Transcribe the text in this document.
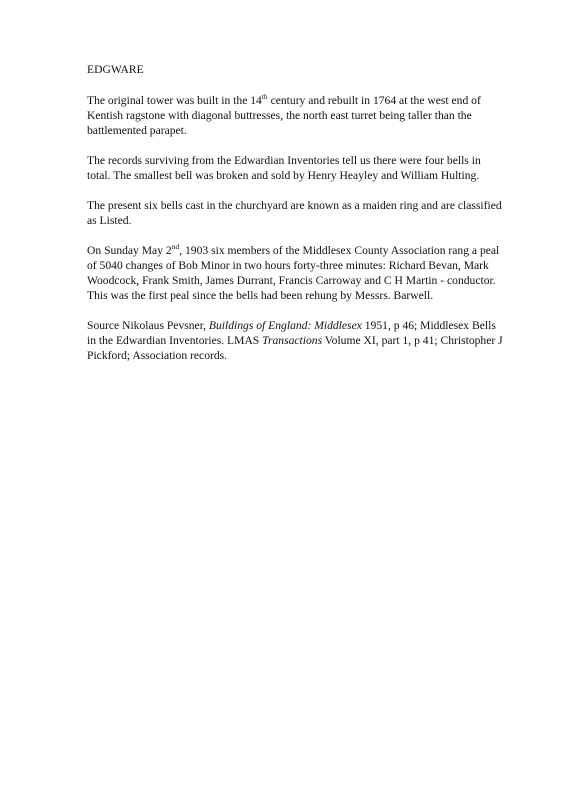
EDGWARE

The original tower was built in the 14th century and rebuilt in 1764 at the west end of Kentish ragstone with diagonal buttresses, the north east turret being taller than the battlemented parapet.

The records surviving from the Edwardian Inventories tell us there were four bells in total. The smallest bell was broken and sold by Henry Heayley and William Hulting.

The present six bells cast in the churchyard are known as a maiden ring and are classified as Listed.

On Sunday May 2nd, 1903 six members of the Middlesex County Association rang a peal of 5040 changes of Bob Minor in two hours forty-three minutes: Richard Bevan, Mark Woodcock, Frank Smith, James Durrant, Francis Carroway and C H Martin - conductor. This was the first peal since the bells had been rehung by Messrs. Barwell.

Source Nikolaus Pevsner, Buildings of England: Middlesex 1951, p 46; Middlesex Bells in the Edwardian Inventories. LMAS Transactions Volume XI, part 1, p 41; Christopher J Pickford; Association records.
